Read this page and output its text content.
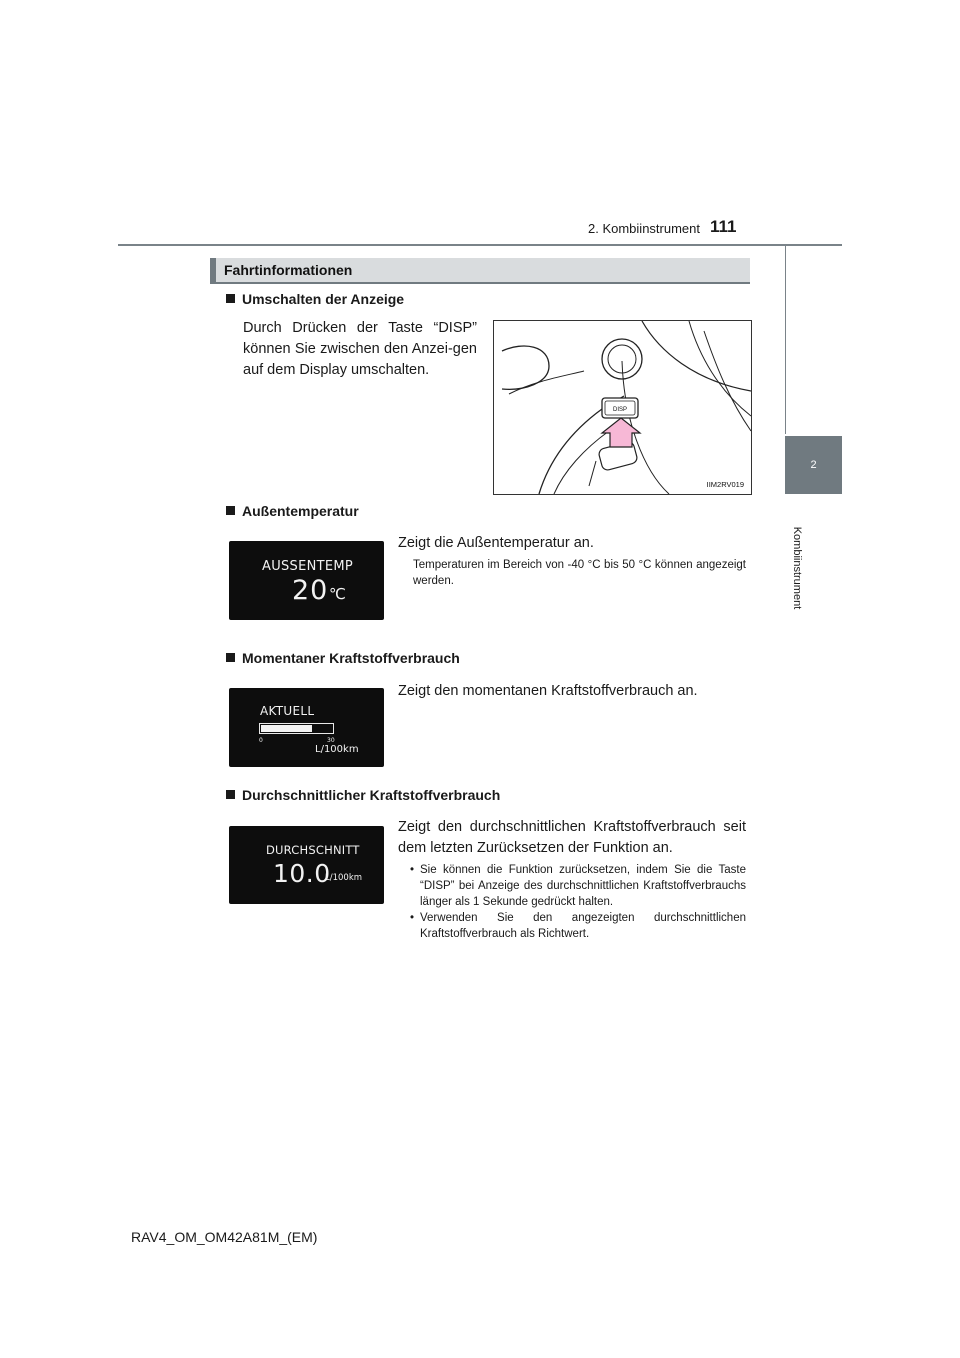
2. Kombiinstrument 111
2
Kombiinstrument
Fahrtinformationen
Umschalten der Anzeige
Durch Drücken der Taste “DISP” können Sie zwischen den Anzei-gen auf dem Display umschalten.
DISP
IIM2RV019
Außentemperatur
AUSSENTEMP
20 ℃
Zeigt die Außentemperatur an.
Temperaturen im Bereich von -40 °C bis 50 °C können angezeigt werden.
Momentaner Kraftstoffverbrauch
AKTUELL
0	30
L/100km
Zeigt den momentanen Kraftstoffverbrauch an.
Durchschnittlicher Kraftstoffverbrauch
DURCHSCHNITT
10.0
L/100km
Zeigt den durchschnittlichen Kraftstoffverbrauch seit dem letzten Zurücksetzen der Funktion an.
• Sie können die Funktion zurücksetzen, indem Sie die Taste “DISP” bei Anzeige des durchschnittlichen Kraftstoffverbrauchs länger als 1 Sekunde gedrückt halten.
• Verwenden Sie den angezeigten durchschnittlichen Kraftstoffverbrauch als Richtwert.
RAV4_OM_OM42A81M_(EM)
